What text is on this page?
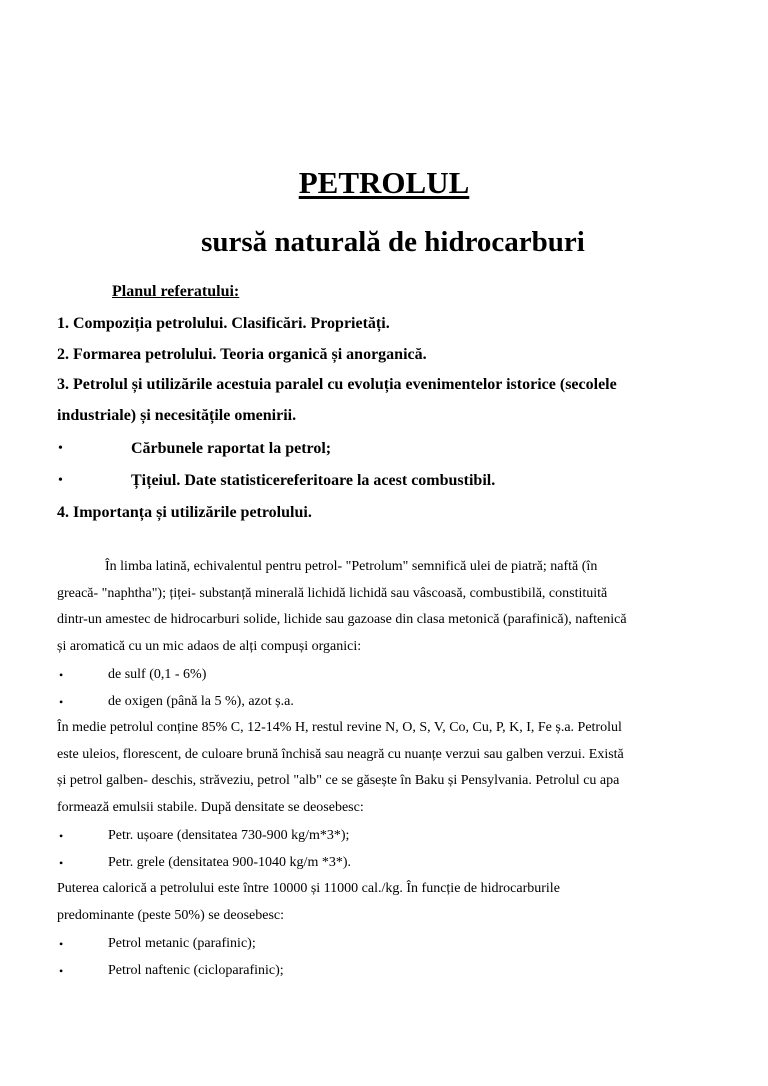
PETROLUL
sursă naturală de hidrocarburi
Planul referatului:
1. Compoziția petrolului. Clasificări. Proprietăți.
2. Formarea petrolului. Teoria organică și anorganică.
3. Petrolul și utilizările acestuia paralel cu evoluția evenimentelor istorice (secolele
industriale) și necesitățile omenirii.
•	Cărbunele raportat la petrol;
•	Țițeiul. Date statisticereferitoare la acest combustibil.
4. Importanța și utilizările petrolului.
În limba latină, echivalentul pentru petrol- "Petrolum" semnifică ulei de piatră; naftă (în
greacă- "naphtha"); țiței- substanță minerală lichidă lichidă sau vâscoasă, combustibilă, constituită
dintr-un amestec de hidrocarburi solide, lichide sau gazoase din clasa metonică (parafinică), naftenică
și aromatică cu un mic adaos de alți compuși organici:
•	de sulf (0,1 - 6%)
•	de oxigen (până la 5 %), azot ș.a.
În medie petrolul conține 85% C, 12-14% H, restul revine N, O, S, V, Co, Cu, P, K, I, Fe ș.a. Petrolul
este uleios, florescent, de culoare brună închisă sau neagră cu nuanțe verzui sau galben verzui. Există
și petrol galben- deschis, străveziu, petrol "alb" ce se găsește în Baku și Pensylvania. Petrolul cu apa
formează emulsii stabile. După densitate se deosebesc:
•	Petr. ușoare (densitatea 730-900 kg/m*3*);
•	Petr. grele (densitatea 900-1040 kg/m *3*).
Puterea calorică a petrolului este între 10000 și 11000 cal./kg. În funcție de hidrocarburile
predominante (peste 50%) se deosebesc:
•	Petrol metanic (parafinic);
•	Petrol naftenic (cicloparafinic);
